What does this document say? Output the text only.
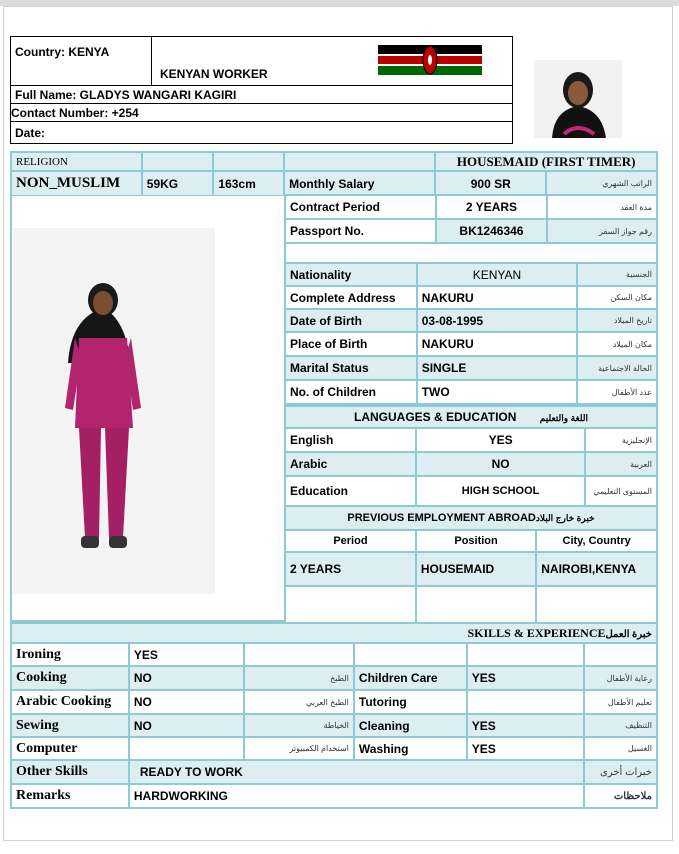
Country: KENYA	KENYAN WORKER

Full Name: GLADYS WANGARI KAGIRI
Contact Number: +254
Date:
RELIGION				HOUSEMAID (FIRST TIMER)	
NON_MUSLIM	59KG	163cm	Monthly Salary	900 SR	الراتب الشهري
Contract Period	2 YEARS	مدة العقد
Passport No.	BK1246346	رقم جواز السفر

Nationality	KENYAN	الجنسية
Complete Address	NAKURU	مكان السكن
Date of Birth	03-08-1995	تاريخ الميلاد
Place of Birth	NAKURU	مكان الميلاد
Marital Status	SINGLE	الحالة الاجتماعية
No. of Children	TWO	عدد الأطفال
LANGUAGES & EDUCATION اللغة والتعليم		
English	YES	الإنجليزية
Arabic	NO	العربية
Education	HIGH SCHOOL	المستوى التعليمي
PREVIOUS EMPLOYMENT ABROADخبرة خارج البلاد		
Period	Position	City, Country
2 YEARS	HOUSEMAID	NAIROBI,KENYA

SKILLS & EXPERIENCEخبرة العمل					
Ironing	YES				
Cooking	NO	الطبخ	Children Care	YES	رعاية الأطفال
Arabic Cooking	NO	الطبخ العربي	Tutoring		تعليم الأطفال
Sewing	NO	الخياطة	Cleaning	YES	التنظيف
Computer		استخدام الكمبيوتر	Washing	YES	الغسيل
Other Skills	READY TO WORK				خبرات أخرى
Remarks	HARDWORKING				ملاحظات
